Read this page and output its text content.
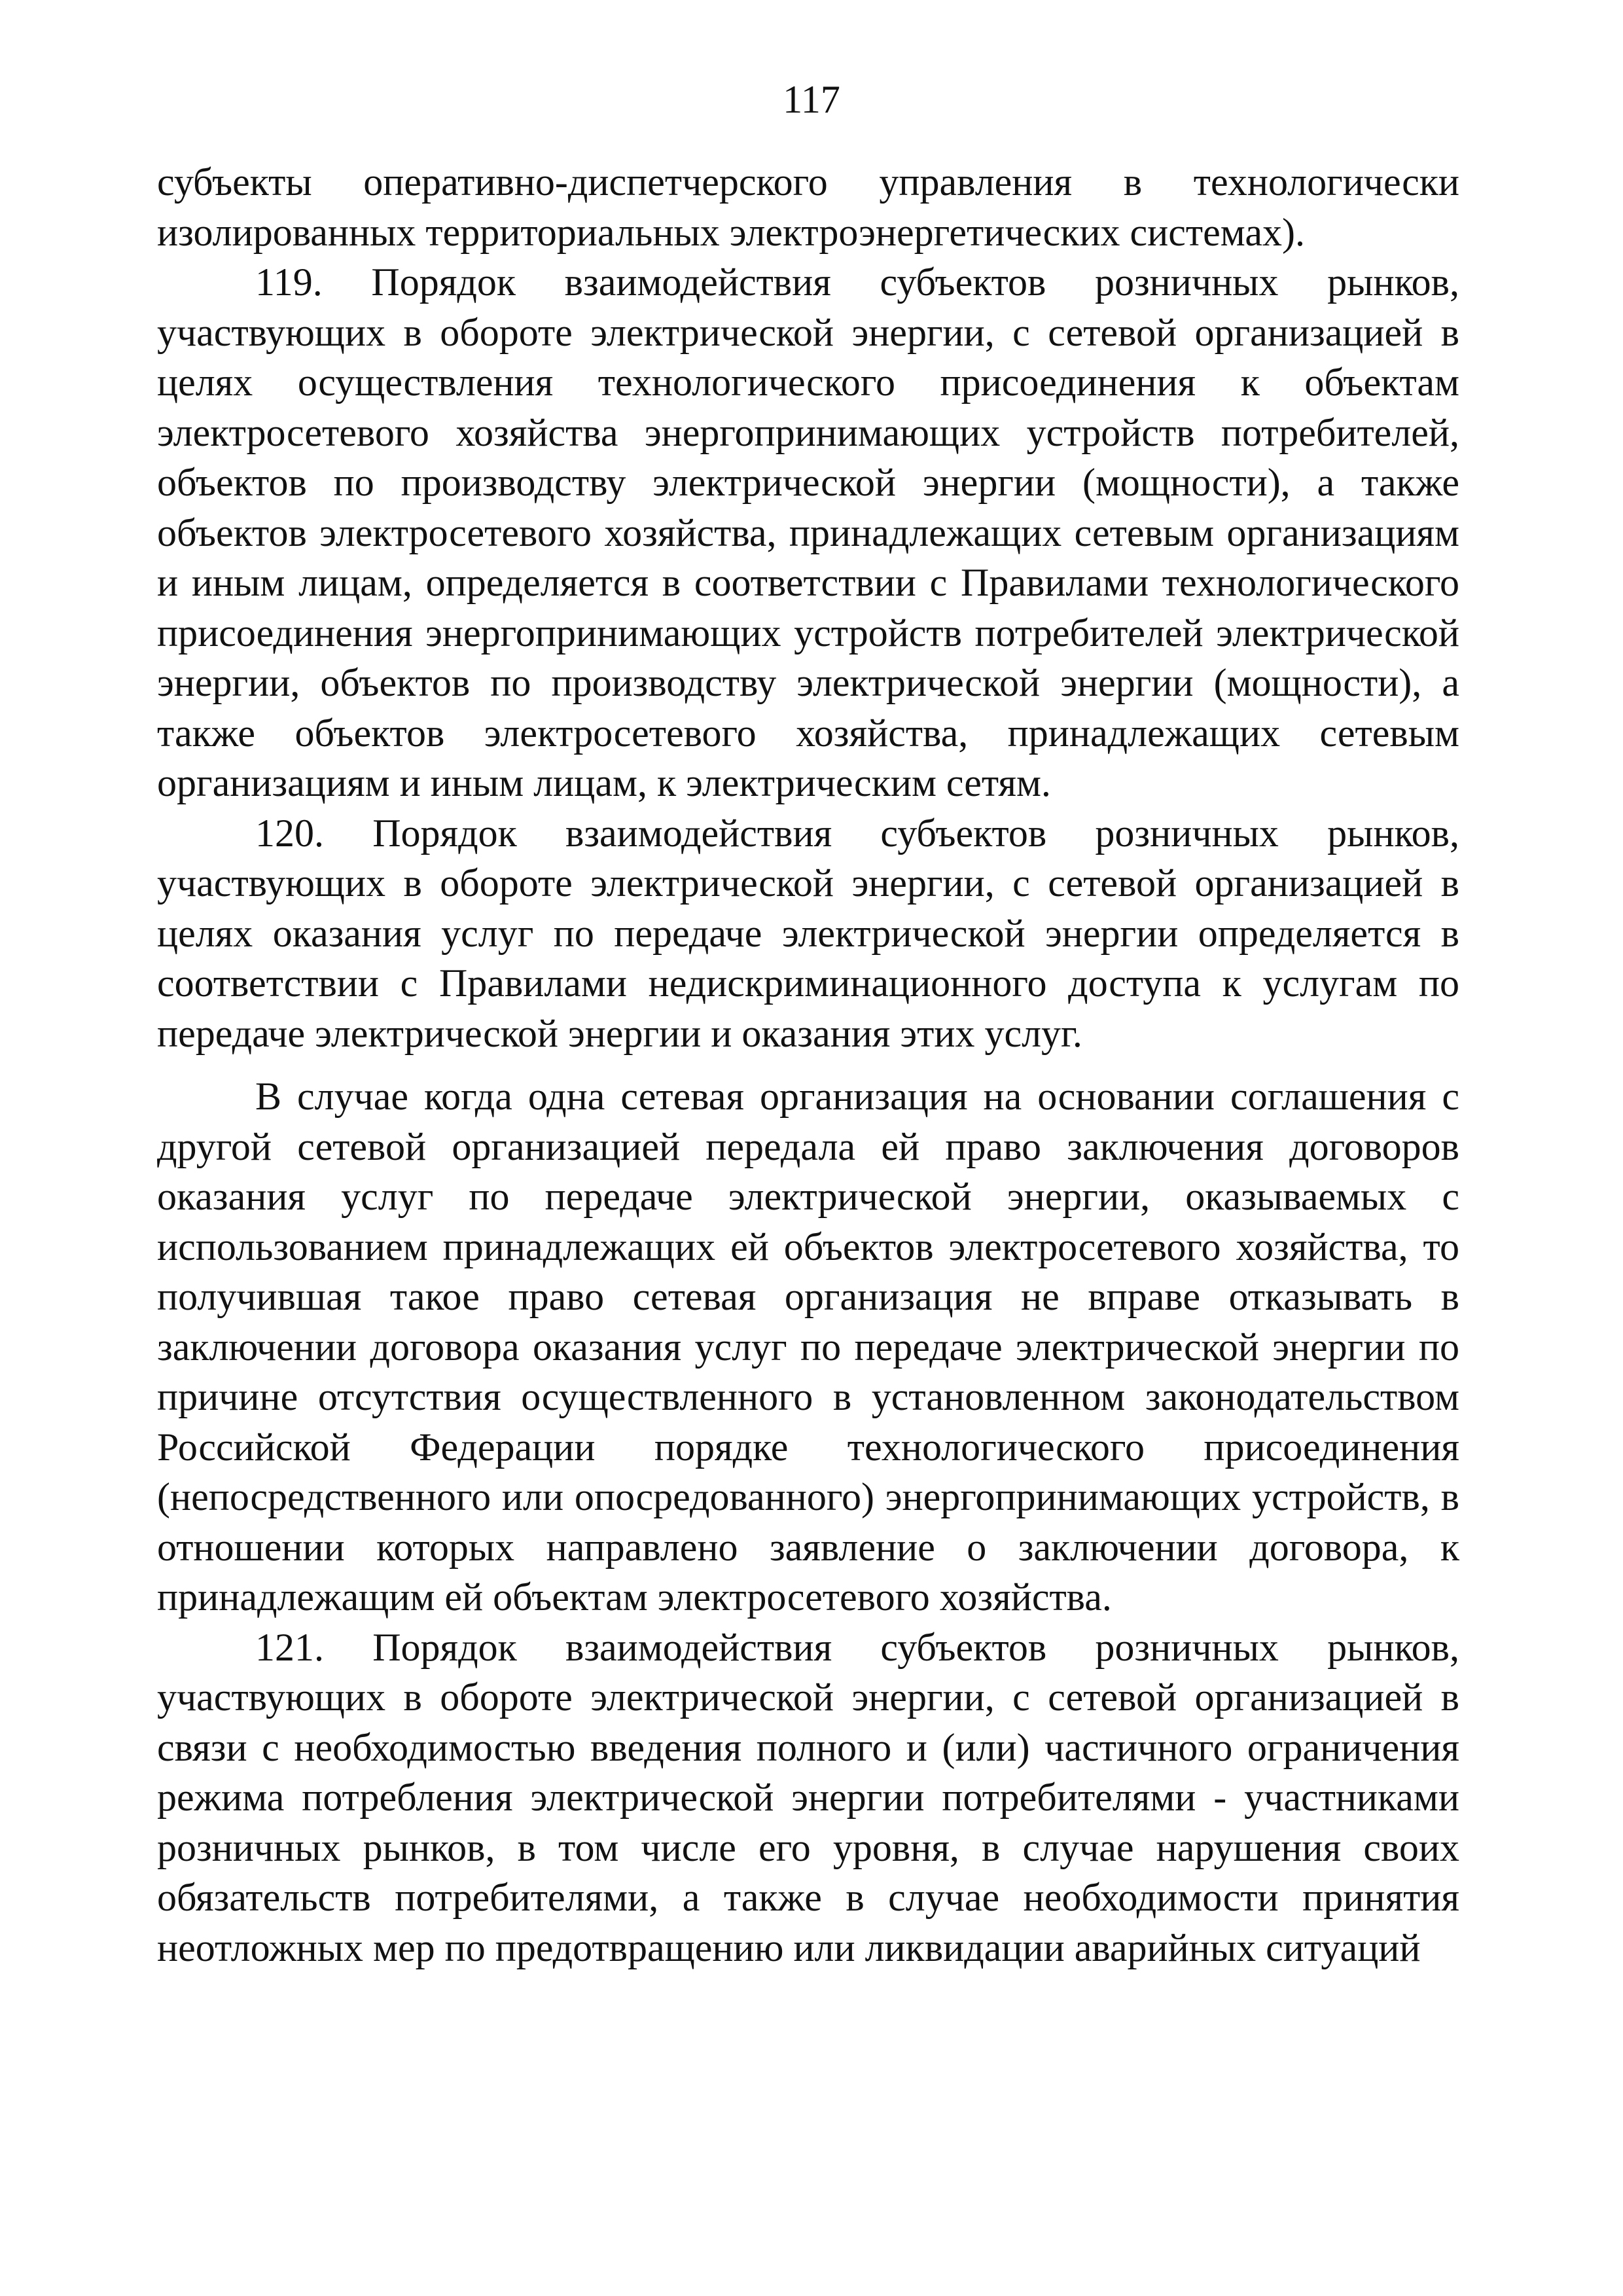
117

субъекты оперативно-диспетчерского управления в технологически изолированных территориальных электроэнергетических системах).

119. Порядок взаимодействия субъектов розничных рынков, участвующих в обороте электрической энергии, с сетевой организацией в целях осуществления технологического присоединения к объектам электросетевого хозяйства энергопринимающих устройств потребителей, объектов по производству электрической энергии (мощности), а также объектов электросетевого хозяйства, принадлежащих сетевым организациям и иным лицам, определяется в соответствии с Правилами технологического присоединения энергопринимающих устройств потребителей электрической энергии, объектов по производству электрической энергии (мощности), а также объектов электросетевого хозяйства, принадлежащих сетевым организациям и иным лицам, к электрическим сетям.

120. Порядок взаимодействия субъектов розничных рынков, участвующих в обороте электрической энергии, с сетевой организацией в целях оказания услуг по передаче электрической энергии определяется в соответствии с Правилами недискриминационного доступа к услугам по передаче электрической энергии и оказания этих услуг.

В случае когда одна сетевая организация на основании соглашения с другой сетевой организацией передала ей право заключения договоров оказания услуг по передаче электрической энергии, оказываемых с использованием принадлежащих ей объектов электросетевого хозяйства, то получившая такое право сетевая организация не вправе отказывать в заключении договора оказания услуг по передаче электрической энергии по причине отсутствия осуществленного в установленном законодательством Российской Федерации порядке технологического присоединения (непосредственного или опосредованного) энергопринимающих устройств, в отношении которых направлено заявление о заключении договора, к принадлежащим ей объектам электросетевого хозяйства.

121. Порядок взаимодействия субъектов розничных рынков, участвующих в обороте электрической энергии, с сетевой организацией в связи с необходимостью введения полного и (или) частичного ограничения режима потребления электрической энергии потребителями - участниками розничных рынков, в том числе его уровня, в случае нарушения своих обязательств потребителями, а также в случае необходимости принятия неотложных мер по предотвращению или ликвидации аварийных ситуаций
